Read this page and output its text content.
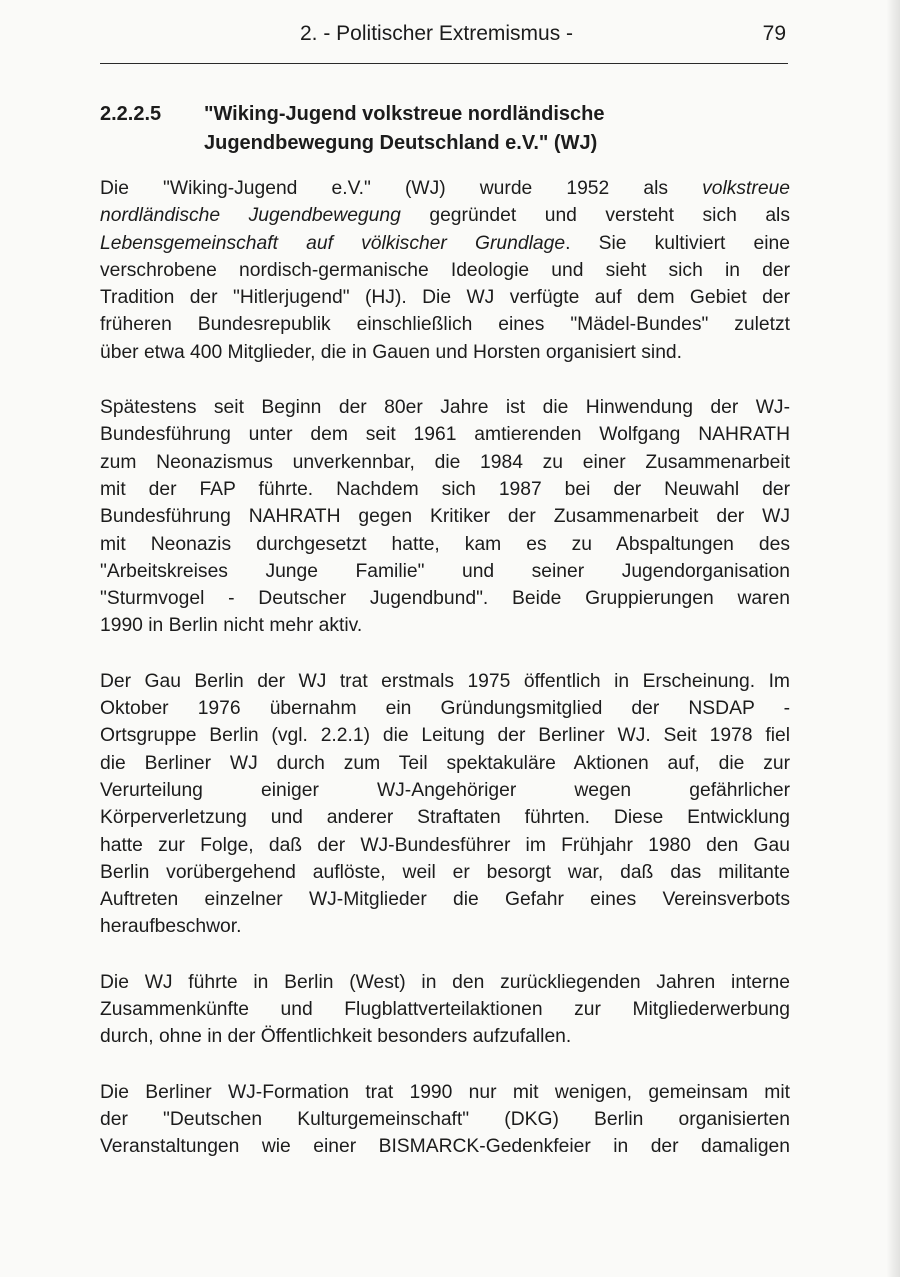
2. - Politischer Extremismus -	79
2.2.2.5 "Wiking-Jugend volkstreue nordländische
Jugendbewegung Deutschland e.V." (WJ)

Die "Wiking-Jugend e.V." (WJ) wurde 1952 als volkstreue
nordländische Jugendbewegung gegründet und versteht sich als
Lebensgemeinschaft auf völkischer Grundlage. Sie kultiviert eine
verschrobene nordisch-germanische Ideologie und sieht sich in der
Tradition der "Hitlerjugend" (HJ). Die WJ verfügte auf dem Gebiet der
früheren Bundesrepublik einschließlich eines "Mädel-Bundes" zuletzt
über etwa 400 Mitglieder, die in Gauen und Horsten organisiert sind.

Spätestens seit Beginn der 80er Jahre ist die Hinwendung der WJ-
Bundesführung unter dem seit 1961 amtierenden Wolfgang NAHRATH
zum Neonazismus unverkennbar, die 1984 zu einer Zusammenarbeit
mit der FAP führte. Nachdem sich 1987 bei der Neuwahl der
Bundesführung NAHRATH gegen Kritiker der Zusammenarbeit der WJ
mit Neonazis durchgesetzt hatte, kam es zu Abspaltungen des
"Arbeitskreises Junge Familie" und seiner Jugendorganisation
"Sturmvogel - Deutscher Jugendbund". Beide Gruppierungen waren
1990 in Berlin nicht mehr aktiv.

Der Gau Berlin der WJ trat erstmals 1975 öffentlich in Erscheinung. Im
Oktober 1976 übernahm ein Gründungsmitglied der NSDAP -
Ortsgruppe Berlin (vgl. 2.2.1) die Leitung der Berliner WJ. Seit 1978 fiel
die Berliner WJ durch zum Teil spektakuläre Aktionen auf, die zur
Verurteilung einiger WJ-Angehöriger wegen gefährlicher
Körperverletzung und anderer Straftaten führten. Diese Entwicklung
hatte zur Folge, daß der WJ-Bundesführer im Frühjahr 1980 den Gau
Berlin vorübergehend auflöste, weil er besorgt war, daß das militante
Auftreten einzelner WJ-Mitglieder die Gefahr eines Vereinsverbots
heraufbeschwor.

Die WJ führte in Berlin (West) in den zurückliegenden Jahren interne
Zusammenkünfte und Flugblattverteilaktionen zur Mitgliederwerbung
durch, ohne in der Öffentlichkeit besonders aufzufallen.

Die Berliner WJ-Formation trat 1990 nur mit wenigen, gemeinsam mit
der "Deutschen Kulturgemeinschaft" (DKG) Berlin organisierten
Veranstaltungen wie einer BISMARCK-Gedenkfeier in der damaligen
